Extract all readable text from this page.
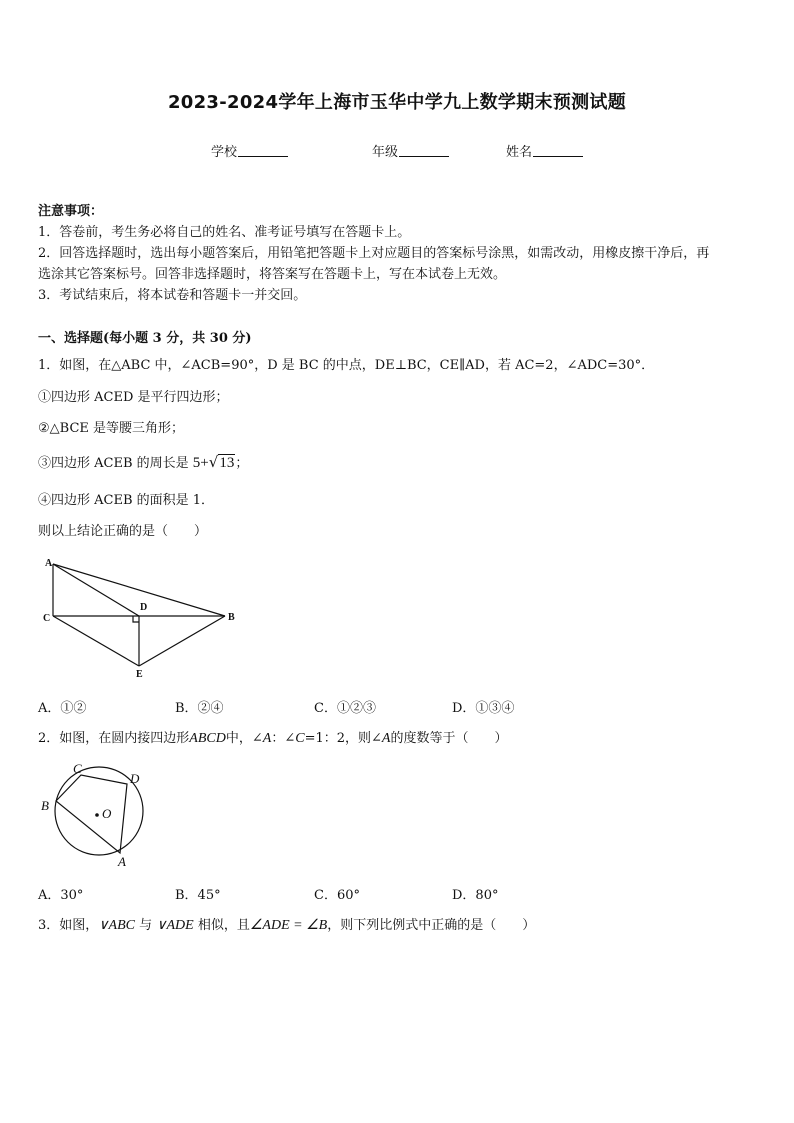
2023-2024学年上海市玉华中学九上数学期末预测试题
学校	年级	姓名
注意事项：
1．答卷前，考生务必将自己的姓名、准考证号填写在答题卡上。
2．回答选择题时，选出每小题答案后，用铅笔把答题卡上对应题目的答案标号涂黑，如需改动，用橡皮擦干净后，再
选涂其它答案标号。回答非选择题时，将答案写在答题卡上，写在本试卷上无效。
3．考试结束后，将本试卷和答题卡一并交回。
一、选择题(每小题 3 分，共 30 分)
1．如图，在△ABC 中，∠ACB=90°，D 是 BC 的中点，DE⊥BC，CE∥AD，若 AC=2，∠ADC=30°．
①四边形 ACED 是平行四边形；
②△BCE 是等腰三角形；
③四边形 ACEB 的周长是 5+√13；
④四边形 ACEB 的面积是 1．
则以上结论正确的是（　　）
A
C
D
B
E
A．①②	B．②④	C．①②③	D．①③④
2．如图，在圆内接四边形ABCD中，∠A：∠C=1：2，则∠A的度数等于（　　）
C
D
B
O
A
A．30°	B．45°	C．60°	D．80°
3．如图，∨ABC 与 ∨ADE 相似，且∠ADE = ∠B，则下列比例式中正确的是（　　）
